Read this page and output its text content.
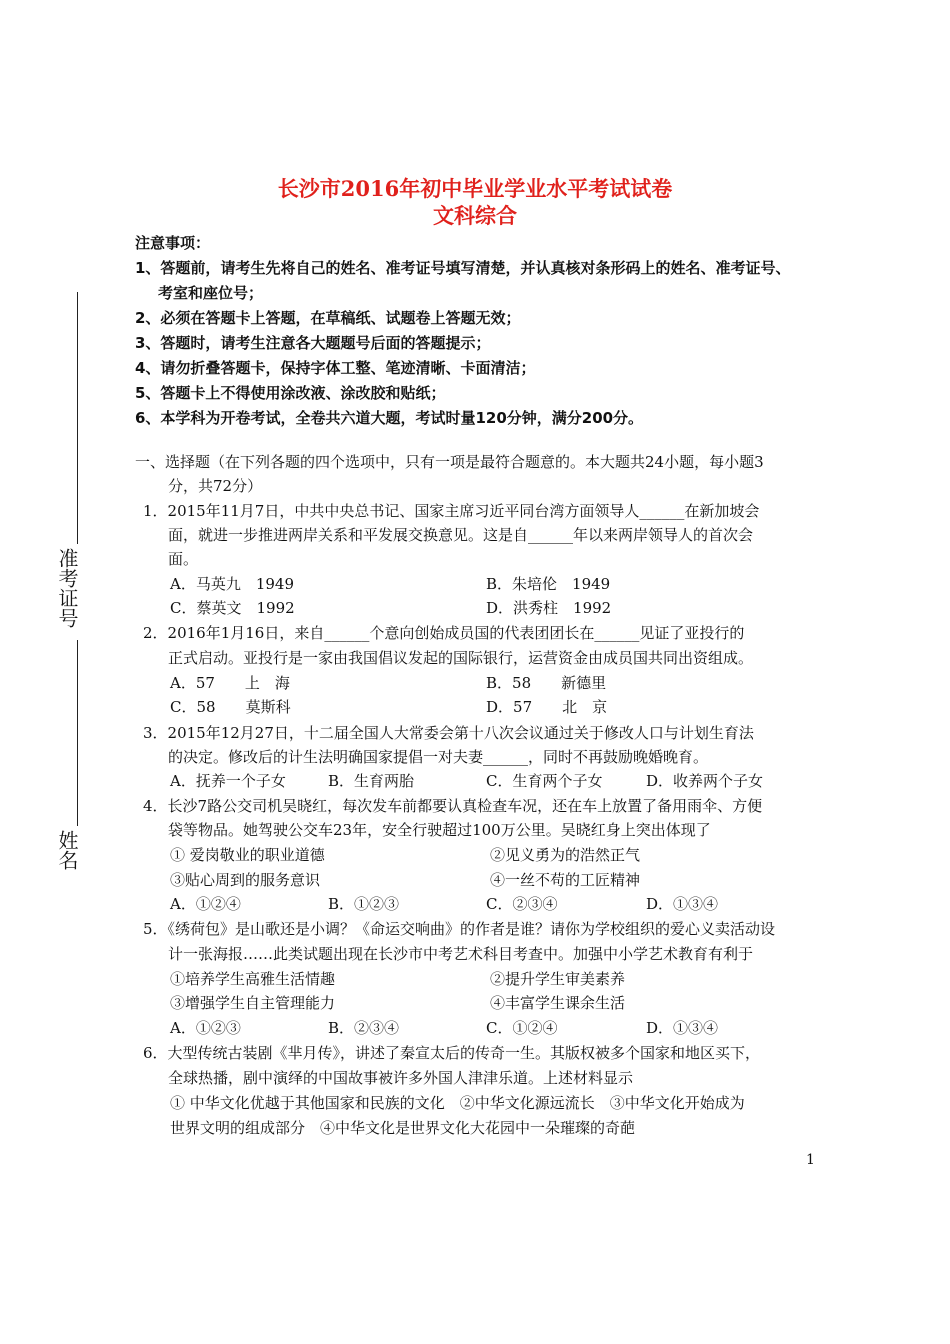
准考证号
姓名
长沙市2016年初中毕业学业水平考试试卷
文科综合
注意事项：
1、答题前，请考生先将自己的姓名、准考证号填写清楚，并认真核对条形码上的姓名、准考证号、
考室和座位号；
2、必须在答题卡上答题，在草稿纸、试题卷上答题无效；
3、答题时，请考生注意各大题题号后面的答题提示；
4、请勿折叠答题卡，保持字体工整、笔迹清晰、卡面清洁；
5、答题卡上不得使用涂改液、涂改胶和贴纸；
6、本学科为开卷考试，全卷共六道大题，考试时量120分钟，满分200分。
一、选择题（在下列各题的四个选项中，只有一项是最符合题意的。本大题共24小题，每小题3
分，共72分）
1．2015年11月7日，中共中央总书记、国家主席习近平同台湾方面领导人______在新加坡会
面，就进一步推进两岸关系和平发展交换意见。这是自______年以来两岸领导人的首次会
面。
A．马英九　1949	B．朱培伦　1949
C．蔡英文　1992	D．洪秀柱　1992
2．2016年1月16日，来自______个意向创始成员国的代表团团长在______见证了亚投行的
正式启动。亚投行是一家由我国倡议发起的国际银行，运营资金由成员国共同出资组成。
A．57　　上　海	B．58　　新德里
C．58　　莫斯科	D．57　　北　京
3．2015年12月27日，十二届全国人大常委会第十八次会议通过关于修改人口与计划生育法
的决定。修改后的计生法明确国家提倡一对夫妻______，同时不再鼓励晚婚晚育。
A．抚养一个子女	B．生育两胎	C．生育两个子女	D．收养两个子女
4．长沙7路公交司机吴晓红，每次发车前都要认真检查车况，还在车上放置了备用雨伞、方便
袋等物品。她驾驶公交车23年，安全行驶超过100万公里。吴晓红身上突出体现了
① 爱岗敬业的职业道德	②见义勇为的浩然正气
③贴心周到的服务意识	④一丝不苟的工匠精神
A．①②④	B．①②③	C．②③④	D．①③④
5．《绣荷包》是山歌还是小调？《命运交响曲》的作者是谁？请你为学校组织的爱心义卖活动设
计一张海报……此类试题出现在长沙市中考艺术科目考查中。加强中小学艺术教育有利于
①培养学生高雅生活情趣	②提升学生审美素养
③增强学生自主管理能力	④丰富学生课余生活
A．①②③	B．②③④	C．①②④	D．①③④
6．大型传统古装剧《芈月传》，讲述了秦宣太后的传奇一生。其版权被多个国家和地区买下，
全球热播，剧中演绎的中国故事被许多外国人津津乐道。上述材料显示
① 中华文化优越于其他国家和民族的文化　②中华文化源远流长　③中华文化开始成为
世界文明的组成部分　④中华文化是世界文化大花园中一朵璀璨的奇葩
1
